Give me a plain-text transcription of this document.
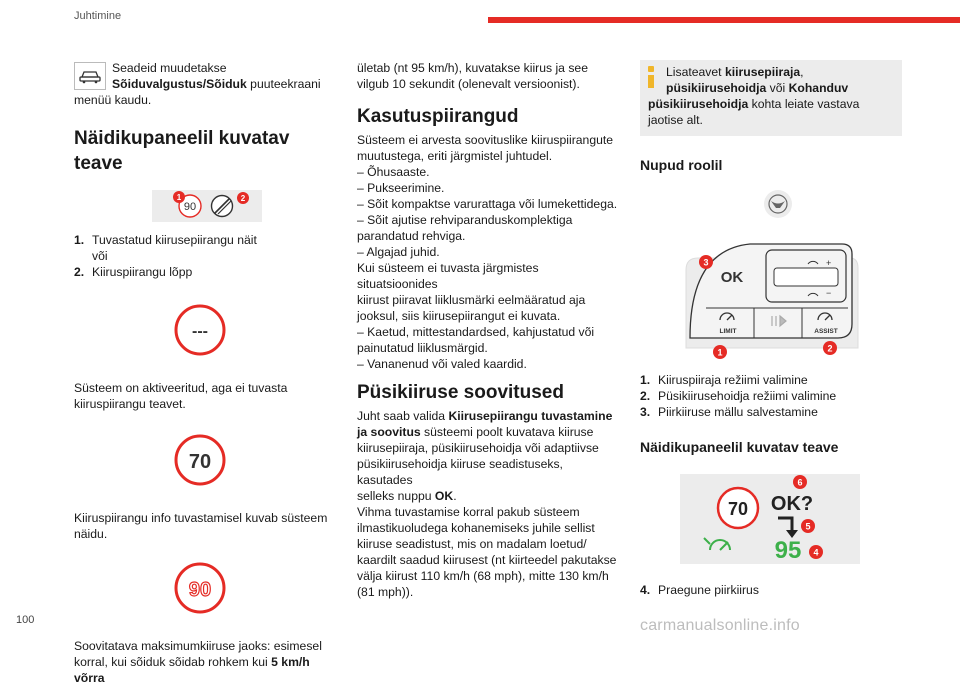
Juhtimine

Seadeid muudetakse

Sõiduvalgustus/Sõiduk puuteekraani

menüü kaudu.

Näidikupaneelil kuvatav
teave
90
1	2
1. Tuvastatud kiirusepiirangu näit
või
2. Kiiruspiirangu lõpp
---

Süsteem on aktiveeritud, aga ei tuvasta

kiiruspiirangu teavet.

70

Kiiruspiirangu info tuvastamisel kuvab süsteem

näidu.

90

Soovitatava maksimumkiiruse jaoks: esimesel

korral, kui sõiduk sõidab rohkem kui 5 km/h võrra

ületab (nt 95 km/h), kuvatakse kiirus ja see

vilgub 10 sekundit (olenevalt versioonist).

Kasutuspiirangud

Süsteem ei arvesta soovituslike kiiruspiirangute

muutustega, eriti järgmistel juhtudel.

– Õhusaaste.

– Pukseerimine.

– Sõit kompaktse varurattaga või lumekettidega.

– Sõit ajutise rehviparanduskomplektiga

parandatud rehviga.

– Algajad juhid.

Kui süsteem ei tuvasta järgmistes situatsioonides

kiirust piiravat liiklusmärki eelmääratud aja

jooksul, siis kiirusepiirangut ei kuvata.

– Kaetud, mittestandardsed, kahjustatud või

painutatud liiklusmärgid.

– Vananenud või valed kaardid.

Püsikiiruse soovitused

Juht saab valida Kiirusepiirangu tuvastamine

ja soovitus süsteemi poolt kuvatava kiiruse

kiirusepiiraja, püsikiirusehoidja või adaptiivse

püsikiirusehoidja kiiruse seadistuseks, kasutades

selleks nuppu OK.

Vihma tuvastamise korral pakub süsteem

ilmastikuoludega kohanemiseks juhile sellist

kiiruse seadistust, mis on madalam loetud/

kaardilt saadud kiirusest (nt kiirteedel pakutakse

välja kiirust 110 km/h (68 mph), mitte 130 km/h

(81 mph)).

Lisateavet kiirusepiiraja,

püsikiirusehoidja või Kohanduv

püsikiirusehoidja kohta leiate vastava

jaotise alt.

Nupud roolil
OK
+
−
LIMIT	ASSIST
3
1	2
1. Kiiruspiiraja režiimi valimine
2. Püsikiirusehoidja režiimi valimine
3. Piirkiiruse mällu salvestamine
Näidikupaneelil kuvatav teave
70 OK?
95
6
5
4
4. Praegune piirkiirus
100	carmanualsonline.info
